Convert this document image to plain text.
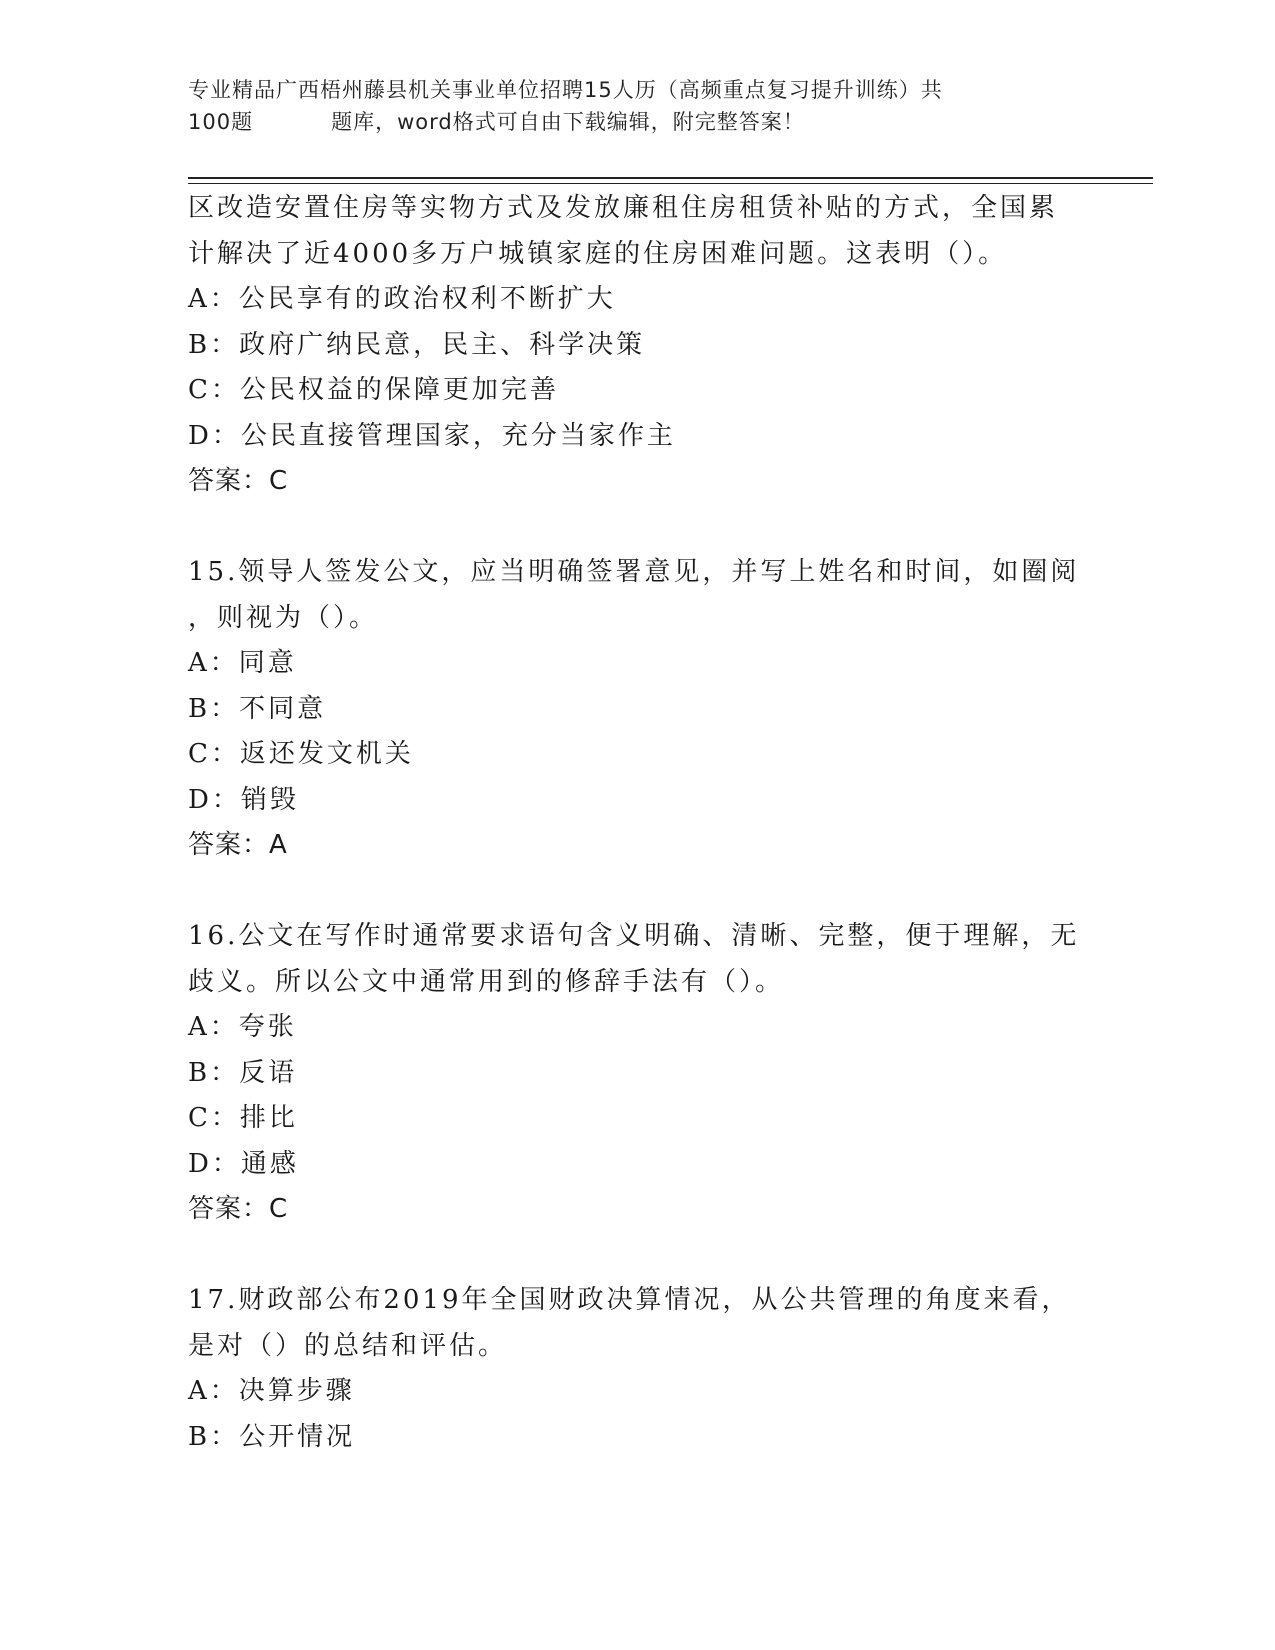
专业精品广西梧州藤县机关事业单位招聘15人历（高频重点复习提升训练）共
100题	题库，word格式可自由下载编辑，附完整答案！
区改造安置住房等实物方式及发放廉租住房租赁补贴的方式，全国累
计解决了近4000多万户城镇家庭的住房困难问题。这表明（）。
A：公民享有的政治权利不断扩大
B：政府广纳民意，民主、科学决策
C：公民权益的保障更加完善
D：公民直接管理国家，充分当家作主
答案：C
15.领导人签发公文，应当明确签署意见，并写上姓名和时间，如圈阅
，则视为（）。
A：同意
B：不同意
C：返还发文机关
D：销毁
答案：A
16.公文在写作时通常要求语句含义明确、清晰、完整，便于理解，无
歧义。所以公文中通常用到的修辞手法有（）。
A：夸张
B：反语
C：排比
D：通感
答案：C
17.财政部公布2019年全国财政决算情况，从公共管理的角度来看，
是对（）的总结和评估。
A：决算步骤
B：公开情况
